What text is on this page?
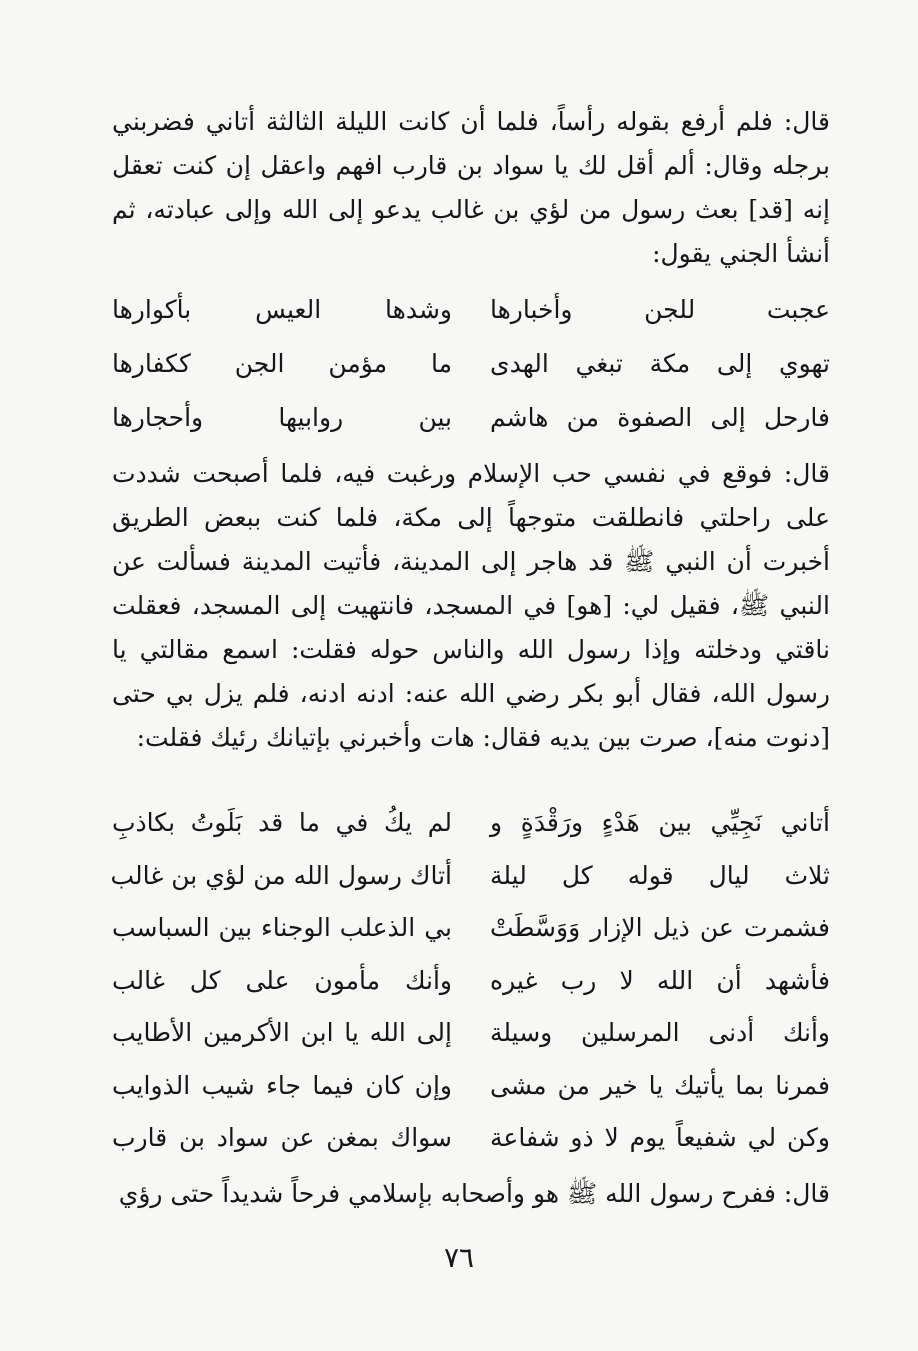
قال: فلم أرفع بقوله رأساً، فلما أن كانت الليلة الثالثة أتاني فضربني برجله وقال: ألم أقل لك يا سواد بن قارب افهم واعقل إن كنت تعقل إنه [قد] بعث رسول من لؤي بن غالب يدعو إلى الله وإلى عبادته، ثم أنشأ الجني يقول:

عجبت للجن وأخبارها
وشدها العيس بأكوارها
تهوي إلى مكة تبغي الهدى
ما مؤمن الجن ككفارها
فارحل إلى الصفوة من هاشم
بين روابيها وأحجارها

قال: فوقع في نفسي حب الإسلام ورغبت فيه، فلما أصبحت شددت على راحلتي فانطلقت متوجهاً إلى مكة، فلما كنت ببعض الطريق أخبرت أن النبي ﷺ قد هاجر إلى المدينة، فأتيت المدينة فسألت عن النبي ﷺ، فقيل لي: [هو] في المسجد، فانتهيت إلى المسجد، فعقلت ناقتي ودخلته وإذا رسول الله والناس حوله فقلت: اسمع مقالتي يا رسول الله، فقال أبو بكر رضي الله عنه: ادنه ادنه، فلم يزل بي حتى [دنوت منه]، صرت بين يديه فقال: هات وأخبرني بإتيانك رئيك فقلت:

أتاني نَجِيِّي بين هَدْءٍ ورَقْدَةٍ و
لم يكُ في ما قد بَلَوتُ بكاذبِ
ثلاث ليال قوله كل ليلة
أتاك رسول الله من لؤي بن غالب
فشمرت عن ذيل الإزار وَوَسَّطَتْ
بي الذعلب الوجناء بين السباسب
فأشهد أن الله لا رب غيره
وأنك مأمون على كل غالب
وأنك أدنى المرسلين وسيلة
إلى الله يا ابن الأكرمين الأطايب
فمرنا بما يأتيك يا خير من مشى
وإن كان فيما جاء شيب الذوايب
وكن لي شفيعاً يوم لا ذو شفاعة
سواك بمغن عن سواد بن قارب

قال: ففرح رسول الله ﷺ هو وأصحابه بإسلامي فرحاً شديداً حتى رؤي

٧٦
